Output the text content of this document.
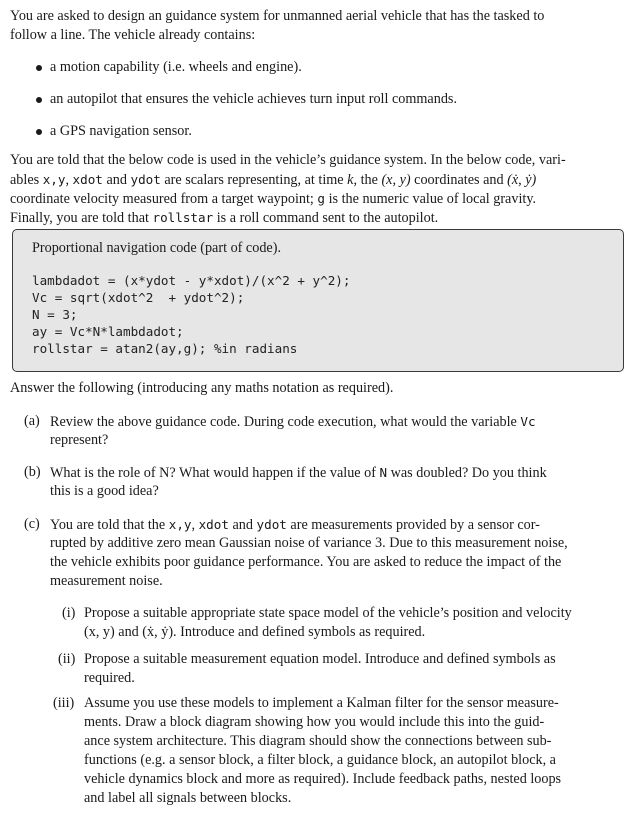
You are asked to design an guidance system for unmanned aerial vehicle that has the tasked to
follow a line. The vehicle already contains:
a motion capability (i.e. wheels and engine).
an autopilot that ensures the vehicle achieves turn input roll commands.
a GPS navigation sensor.
You are told that the below code is used in the vehicle’s guidance system. In the below code, vari-
ables x,y, xdot and ydot are scalars representing, at time k, the (x, y) coordinates and (ẋ, ẏ)
coordinate velocity measured from a target waypoint; g is the numeric value of local gravity.
Finally, you are told that rollstar is a roll command sent to the autopilot.
Proportional navigation code (part of code).
lambdadot = (x*ydot - y*xdot)/(x^2 + y^2);
Vc = sqrt(xdot^2  + ydot^2);
N = 3;
ay = Vc*N*lambdadot;
rollstar = atan2(ay,g); %in radians
Answer the following (introducing any maths notation as required).
(a) Review the above guidance code. During code execution, what would the variable Vc
represent?
(b) What is the role of N? What would happen if the value of N was doubled? Do you think
this is a good idea?
(c) You are told that the x,y, xdot and ydot are measurements provided by a sensor cor-
rupted by additive zero mean Gaussian noise of variance 3. Due to this measurement noise,
the vehicle exhibits poor guidance performance. You are asked to reduce the impact of the
measurement noise.
(i) Propose a suitable appropriate state space model of the vehicle’s position and velocity
(x, y) and (ẋ, ẏ). Introduce and defined symbols as required.
(ii) Propose a suitable measurement equation model. Introduce and defined symbols as
required.
(iii) Assume you use these models to implement a Kalman filter for the sensor measure-
ments. Draw a block diagram showing how you would include this into the guid-
ance system architecture. This diagram should show the connections between sub-
functions (e.g. a sensor block, a filter block, a guidance block, an autopilot block, a
vehicle dynamics block and more as required). Include feedback paths, nested loops
and label all signals between blocks.
